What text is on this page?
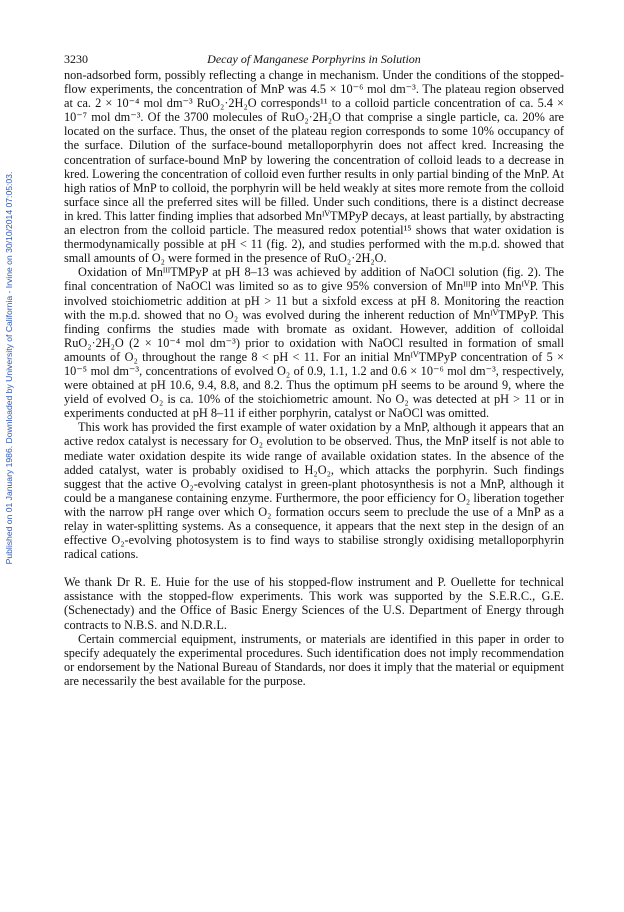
Published on 01 January 1986. Downloaded by University of California - Irvine on 30/10/2014 07:05:03.
3230	Decay of Manganese Porphyrins in Solution

non-adsorbed form, possibly reflecting a change in mechanism. Under the conditions of the stopped-flow experiments, the concentration of MnP was 4.5 × 10⁻⁶ mol dm⁻³. The plateau region observed at ca. 2 × 10⁻⁴ mol dm⁻³ RuO₂·2H₂O corresponds¹¹ to a colloid particle concentration of ca. 5.4 × 10⁻⁷ mol dm⁻³. Of the 3700 molecules of RuO₂·2H₂O that comprise a single particle, ca. 20% are located on the surface. Thus, the onset of the plateau region corresponds to some 10% occupancy of the surface. Dilution of the surface-bound metalloporphyrin does not affect kred. Increasing the concentration of surface-bound MnP by lowering the concentration of colloid leads to a decrease in kred. Lowering the concentration of colloid even further results in only partial binding of the MnP. At high ratios of MnP to colloid, the porphyrin will be held weakly at sites more remote from the colloid surface since all the preferred sites will be filled. Under such conditions, there is a distinct decrease in kred. This latter finding implies that adsorbed MnᴵⱽTMPyP decays, at least partially, by abstracting an electron from the colloid particle. The measured redox potential¹⁵ shows that water oxidation is thermodynamically possible at pH < 11 (fig. 2), and studies performed with the m.p.d. showed that small amounts of O₂ were formed in the presence of RuO₂·2H₂O.

Oxidation of MnᴵᴵᴵTMPyP at pH 8–13 was achieved by addition of NaOCl solution (fig. 2). The final concentration of NaOCl was limited so as to give 95% conversion of MnᴵᴵᴵP into MnᴵⱽP. This involved stoichiometric addition at pH > 11 but a sixfold excess at pH 8. Monitoring the reaction with the m.p.d. showed that no O₂ was evolved during the inherent reduction of MnᴵⱽTMPyP. This finding confirms the studies made with bromate as oxidant. However, addition of colloidal RuO₂·2H₂O (2 × 10⁻⁴ mol dm⁻³) prior to oxidation with NaOCl resulted in formation of small amounts of O₂ throughout the range 8 < pH < 11. For an initial MnᴵⱽTMPyP concentration of 5 × 10⁻⁵ mol dm⁻³, concentrations of evolved O₂ of 0.9, 1.1, 1.2 and 0.6 × 10⁻⁶ mol dm⁻³, respectively, were obtained at pH 10.6, 9.4, 8.8, and 8.2. Thus the optimum pH seems to be around 9, where the yield of evolved O₂ is ca. 10% of the stoichiometric amount. No O₂ was detected at pH > 11 or in experiments conducted at pH 8–11 if either porphyrin, catalyst or NaOCl was omitted.

This work has provided the first example of water oxidation by a MnP, although it appears that an active redox catalyst is necessary for O₂ evolution to be observed. Thus, the MnP itself is not able to mediate water oxidation despite its wide range of available oxidation states. In the absence of the added catalyst, water is probably oxidised to H₂O₂, which attacks the porphyrin. Such findings suggest that the active O₂-evolving catalyst in green-plant photosynthesis is not a MnP, although it could be a manganese containing enzyme. Furthermore, the poor efficiency for O₂ liberation together with the narrow pH range over which O₂ formation occurs seem to preclude the use of a MnP as a relay in water-splitting systems. As a consequence, it appears that the next step in the design of an effective O₂-evolving photosystem is to find ways to stabilise strongly oxidising metalloporphyrin radical cations.

We thank Dr R. E. Huie for the use of his stopped-flow instrument and P. Ouellette for technical assistance with the stopped-flow experiments. This work was supported by the S.E.R.C., G.E. (Schenectady) and the Office of Basic Energy Sciences of the U.S. Department of Energy through contracts to N.B.S. and N.D.R.L.

Certain commercial equipment, instruments, or materials are identified in this paper in order to specify adequately the experimental procedures. Such identification does not imply recommendation or endorsement by the National Bureau of Standards, nor does it imply that the material or equipment are necessarily the best available for the purpose.
